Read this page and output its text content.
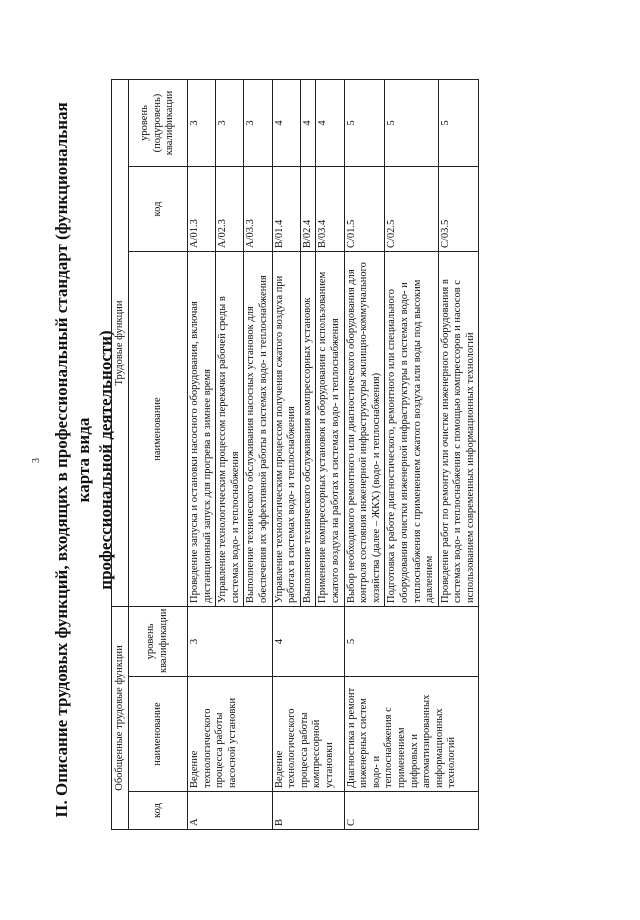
3 II. Описание трудовых функций, входящих в профессиональный стандарт (функциональная карта вида профессиональной деятельности)
Обобщенные трудовые функции			Трудовые функции		
код	наименование	уровень квалификации	наименование	код	уровень (подуровень) квалификации
A	Ведение технологического процесса работы насосной установки	3	Проведение запуска и остановки насосного оборудования, включая дистанционный запуск для прогрева в зимнее время	A/01.3	3
			Управление технологическим процессом перекачки рабочей среды в системах водо- и теплоснабжения	A/02.3	3
			Выполнение технического обслуживания насосных установок для обеспечения их эффективной работы в системах водо- и теплоснабжения	A/03.3	3
B	Ведение технологического процесса работы компрессорной установки	4	Управление технологическим процессом получения сжатого воздуха при работах в системах водо- и теплоснабжения	B/01.4	4
			Выполнение технического обслуживания компрессорных установок	B/02.4	4
			Применение компрессорных установок и оборудования с использованием сжатого воздуха на работах в системах водо- и теплоснабжения	B/03.4	4
C	Диагностика и ремонт инженерных систем водо- и теплоснабжения с применением цифровых и автоматизированных информационных технологий	5	Выбор необходимого ремонтного или диагностического оборудования для контроля состояния инженерной инфраструктуры жилищно-коммунального хозяйства (далее – ЖКХ) (водо- и теплоснабжения)	C/01.5	5
			Подготовка к работе диагностического, ремонтного или специального оборудования очистки инженерной инфраструктуры в системах водо- и теплоснабжения с применением сжатого воздуха или воды под высоким давлением	C/02.5	5
			Проведение работ по ремонту или очистке инженерного оборудования в системах водо- и теплоснабжения с помощью компрессоров и насосов с использованием современных информационных технологий	C/03.5	5
